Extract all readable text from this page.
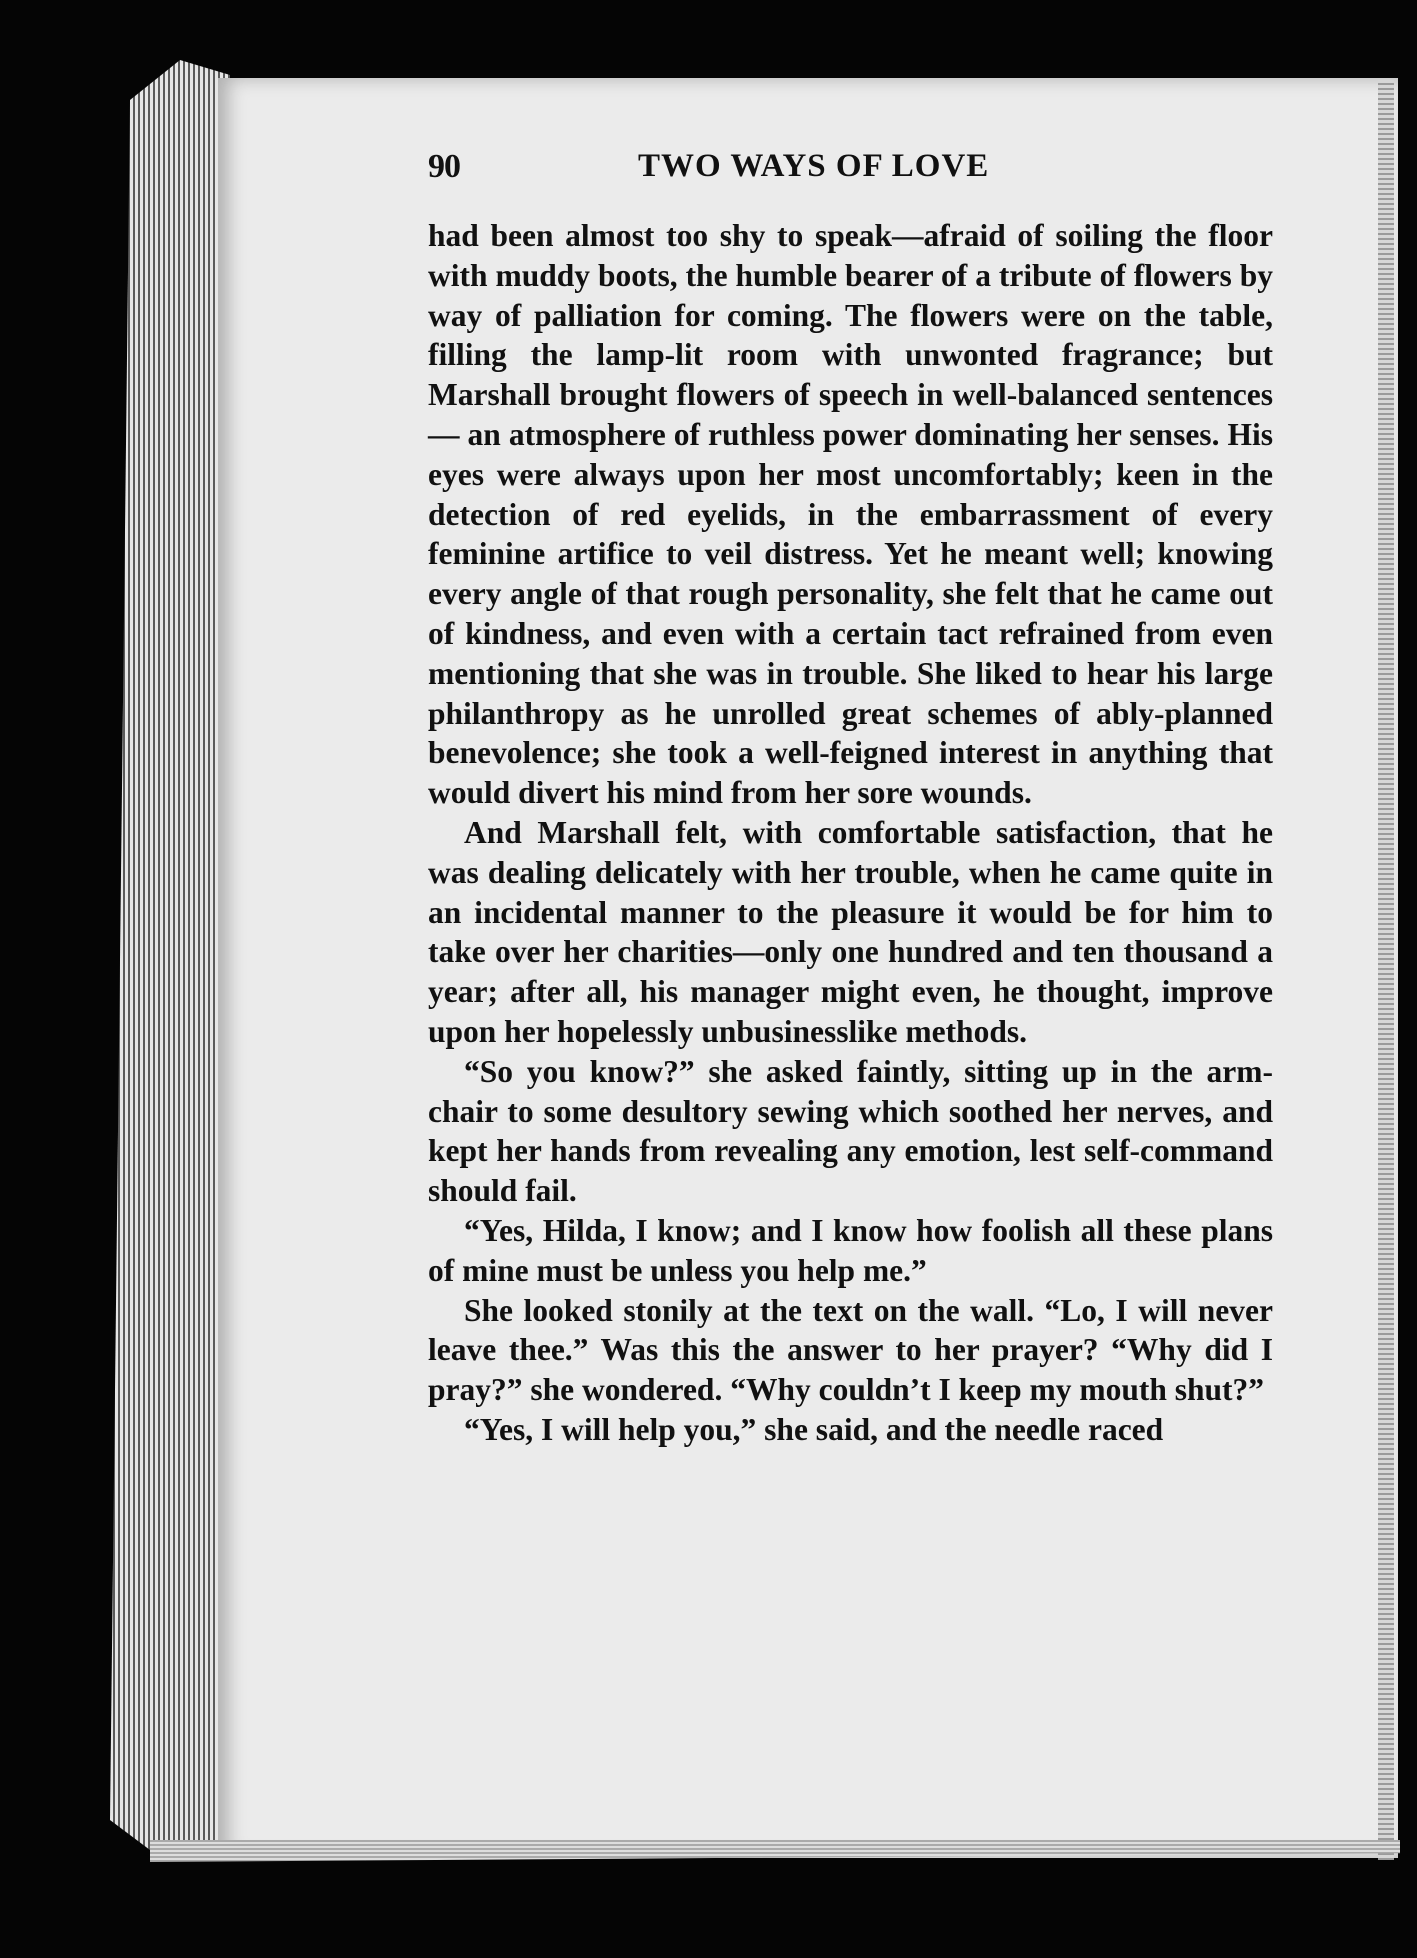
90	TWO WAYS OF LOVE

had been almost too shy to speak—afraid of soiling the floor with muddy boots, the humble bearer of a tribute of flowers by way of palliation for coming. The flowers were on the table, filling the lamp-lit room with unwonted fragrance; but Marshall brought flowers of speech in well-balanced sentences — an atmosphere of ruthless power dominating her senses. His eyes were always upon her most uncomfortably; keen in the detection of red eyelids, in the embarrassment of every feminine artifice to veil distress. Yet he meant well; knowing every angle of that rough personality, she felt that he came out of kindness, and even with a certain tact refrained from even mentioning that she was in trouble. She liked to hear his large philanthropy as he unrolled great schemes of ably-planned benevolence; she took a well-feigned interest in anything that would divert his mind from her sore wounds.

And Marshall felt, with comfortable satisfaction, that he was dealing delicately with her trouble, when he came quite in an incidental manner to the pleasure it would be for him to take over her charities—only one hundred and ten thousand a year; after all, his manager might even, he thought, improve upon her hopelessly unbusinesslike methods.

“So you know?” she asked faintly, sitting up in the arm-chair to some desultory sewing which soothed her nerves, and kept her hands from revealing any emotion, lest self-command should fail.

“Yes, Hilda, I know; and I know how foolish all these plans of mine must be unless you help me.”

She looked stonily at the text on the wall. “Lo, I will never leave thee.” Was this the answer to her prayer? “Why did I pray?” she wondered. “Why couldn’t I keep my mouth shut?”

“Yes, I will help you,” she said, and the needle raced
